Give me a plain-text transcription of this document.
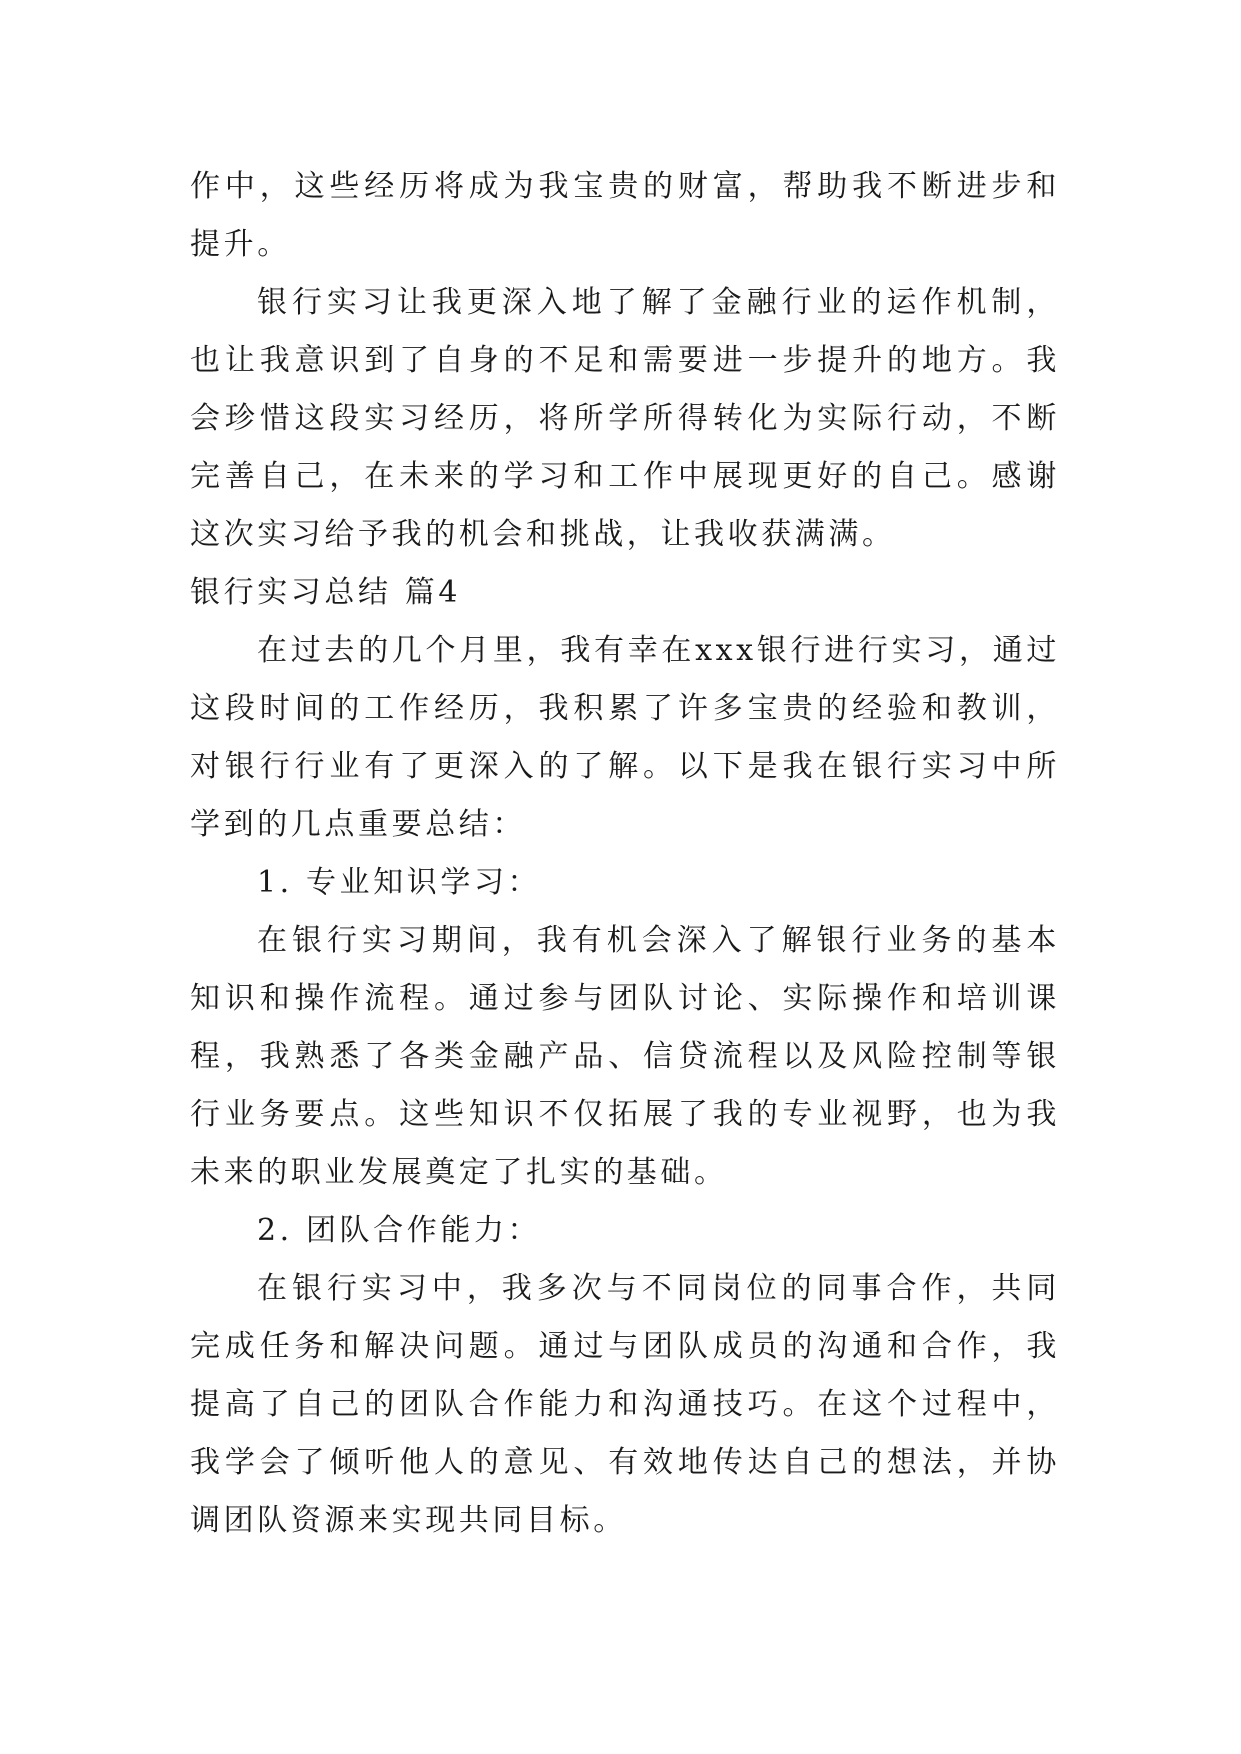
作中，这些经历将成为我宝贵的财富，帮助我不断进步和提升。

银行实习让我更深入地了解了金融行业的运作机制，也让我意识到了自身的不足和需要进一步提升的地方。我会珍惜这段实习经历，将所学所得转化为实际行动，不断完善自己，在未来的学习和工作中展现更好的自己。感谢这次实习给予我的机会和挑战，让我收获满满。

银行实习总结 篇4

在过去的几个月里，我有幸在xxx银行进行实习，通过这段时间的工作经历，我积累了许多宝贵的经验和教训，对银行行业有了更深入的了解。以下是我在银行实习中所学到的几点重要总结：

1. 专业知识学习：

在银行实习期间，我有机会深入了解银行业务的基本知识和操作流程。通过参与团队讨论、实际操作和培训课程，我熟悉了各类金融产品、信贷流程以及风险控制等银行业务要点。这些知识不仅拓展了我的专业视野，也为我未来的职业发展奠定了扎实的基础。

2. 团队合作能力：

在银行实习中，我多次与不同岗位的同事合作，共同完成任务和解决问题。通过与团队成员的沟通和合作，我提高了自己的团队合作能力和沟通技巧。在这个过程中，我学会了倾听他人的意见、有效地传达自己的想法，并协调团队资源来实现共同目标。
